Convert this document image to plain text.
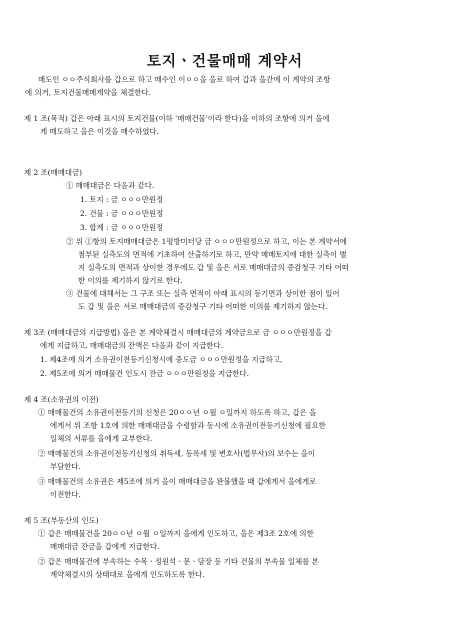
토지ㆍ건물매매 계약서
매도인 ㅇㅇ주식회사를 갑으로 하고 매수인 이ㅇㅇ을 을로 하여 갑과 을간에 이 계약의 조항
에 의거, 토지건물매매계약을 체결한다.
제 1 조(목적) 갑은 아래 표시의 토지건물(이하 '매매건물'이라 한다)을 이하의 조항에 의거 을에
게 매도하고 을은 이것을 매수하였다.
제 2 조(매매대금)
① 매매대금은 다음과 같다.
1. 토지 : 금 ㅇㅇㅇ만원정
2. 건물 : 금 ㅇㅇㅇ만원정
3. 합계 : 금 ㅇㅇㅇ만원정
② 위 ①항의 토지매매대금은 1평방미터당 금 ㅇㅇㅇ만원정으로 하고, 이는 본 계약서에
첨부된 실측도의 면적에 기초하여 산출하기로 하고, 만약 매매토지에 대한 실측이 별
지 실측도의 면적과 상이한 경우에도 갑 및 을은 서로 매매대금의 증감청구 기타 어떠
한 이의를 제기하지 않기로 한다.
③ 건물에 대해서는 그 구조 또는 실측 면적이 아래 표시의 등기면과 상이한 점이 있어
도 갑 및 을은 서로 매매대금의 증감청구 기타 어떠한 이의를 제기하지 않는다.
제 3조 (매매대금의 지급방법) 을은 본 계약체결시 매매대금의 계약금으로 금 ㅇㅇㅇ만원정을 갑
에게 지급하고, 매매대금의 잔액은 다음과 같이 지급한다.
1. 제4조에 의거 소유권이전등기신청시에 중도금 ㅇㅇㅇ만원정을 지급하고,
2. 제5조에 의거 매매물건 인도시 잔금 ㅇㅇㅇ만원정을 지급한다.
제 4 조(소유권의 이전)
① 매매물건의 소유권이전등기의 신청은 20ㅇㅇ년 ㅇ월 ㅇ일까지 하도록 하고, 갑은 을
에게서 위 조항 1호에 의한 매매대금을 수령함과 동시에 소유권이전등기신청에 필요한
일체의 서류를 을에게 교부한다.
② 매매물건의 소유권이전등기신청의 취득세, 등록세 및 변호사(법무사)의 보수는 을이
부담한다.
③ 매매물건의 소유권은 제5조에 의거 을이 매매대금을 완불했을 때 갑에게서 을에게로
이전한다.
제 5 조(부동산의 인도)
① 갑은 매매물건을 20ㅇㅇ년 ㅇ월 ㅇ일까지 을에게 인도하고, 을은 제3조 2호에 의한
매매대금 잔금을 갑에게 지급한다.
② 갑은 매매물건에 부속하는 수목ㆍ정원석ㆍ문ㆍ담장 등 기타 건물의 부속물 일체를 본
계약체결시의 상태대로 을에게 인도하도록 한다.
